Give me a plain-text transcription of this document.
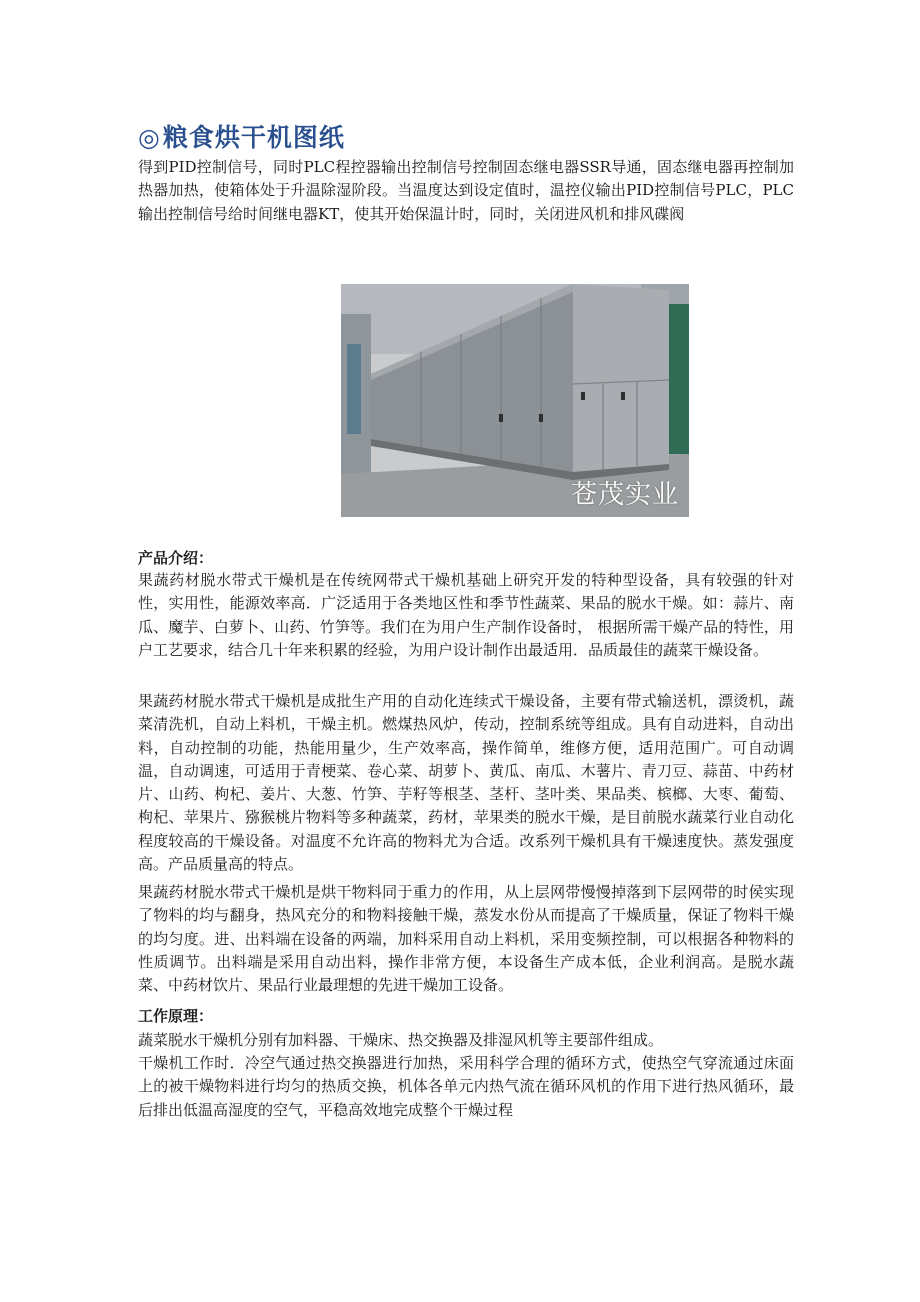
◎粮食烘干机图纸

得到PID控制信号，同时PLC程控器输出控制信号控制固态继电器SSR导通，固态继电器再控制加热器加热，使箱体处于升温除湿阶段。当温度达到设定值时，温控仪输出PID控制信号PLC，PLC输出控制信号给时间继电器KT，使其开始保温计时，同时，关闭进风机和排风碟阀

苍茂实业

产品介绍：

果蔬药材脱水带式干燥机是在传统网带式干燥机基础上研究开发的特种型设备，具有较强的针对性，实用性，能源效率高．广泛适用于各类地区性和季节性蔬菜、果品的脱水干燥。如：蒜片、南瓜、魔芋、白萝卜、山药、竹笋等。我们在为用户生产制作设备时， 根据所需干燥产品的特性，用户工艺要求，结合几十年来积累的经验，为用户设计制作出最适用．品质最佳的蔬菜干燥设备。

果蔬药材脱水带式干燥机是成批生产用的自动化连续式干燥设备，主要有带式输送机，漂烫机，蔬菜清洗机，自动上料机，干燥主机。燃煤热风炉，传动，控制系统等组成。具有自动进料，自动出料，自动控制的功能，热能用量少，生产效率高，操作简单，维修方便，适用范围广。可自动调温，自动调速，可适用于青梗菜、卷心菜、胡萝卜、黄瓜、南瓜、木薯片、青刀豆、蒜苗、中药材片、山药、枸杞、姜片、大葱、竹笋、芋籽等根茎、茎杆、茎叶类、果品类、槟榔、大枣、葡萄、枸杞、苹果片、猕猴桃片物料等多种蔬菜，药材，苹果类的脱水干燥，是目前脱水蔬菜行业自动化程度较高的干燥设备。对温度不允许高的物料尤为合适。改系列干燥机具有干燥速度快。蒸发强度高。产品质量高的特点。

果蔬药材脱水带式干燥机是烘干物料同于重力的作用，从上层网带慢慢掉落到下层网带的时侯实现了物料的均与翻身，热风充分的和物料接触干燥，蒸发水份从而提高了干燥质量，保证了物料干燥的均匀度。进、出料端在设备的两端，加料采用自动上料机，采用变频控制，可以根据各种物料的性质调节。出料端是采用自动出料，操作非常方便，本设备生产成本低，企业利润高。是脱水蔬菜、中药材饮片、果品行业最理想的先进干燥加工设备。

工作原理：

蔬菜脱水干燥机分别有加料器、干燥床、热交换器及排湿风机等主要部件组成。

干燥机工作时．冷空气通过热交换器进行加热，采用科学合理的循环方式，使热空气穿流通过床面上的被干燥物料进行均匀的热质交换，机体各单元内热气流在循环风机的作用下进行热风循环，最后排出低温高湿度的空气，平稳高效地完成整个干燥过程
